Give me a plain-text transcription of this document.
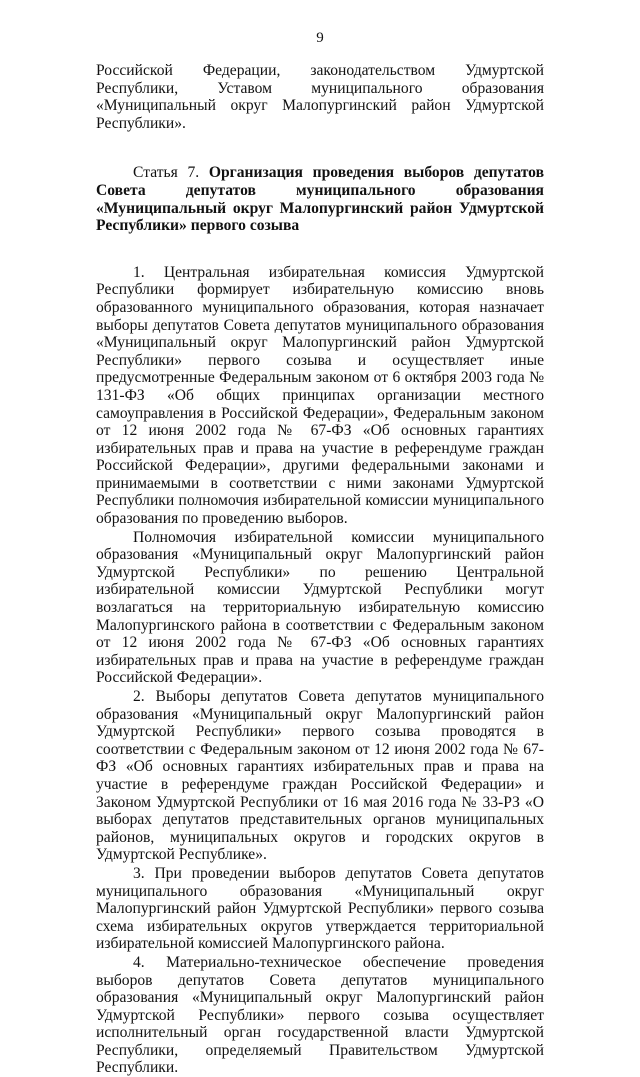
9

Российской Федерации, законодательством Удмуртской Республики, Уставом муниципального образования «Муниципальный округ Малопургинский район Удмуртской Республики».

Статья 7. Организация проведения выборов депутатов Совета депутатов муниципального образования «Муниципальный округ Малопургинский район Удмуртской Республики» первого созыва

1. Центральная избирательная комиссия Удмуртской Республики формирует избирательную комиссию вновь образованного муниципального образования, которая назначает выборы депутатов Совета депутатов муниципального образования «Муниципальный округ Малопургинский район Удмуртской Республики» первого созыва и осуществляет иные предусмотренные Федеральным законом от 6 октября 2003 года № 131-ФЗ «Об общих принципах организации местного самоуправления в Российской Федерации», Федеральным законом от 12 июня 2002 года № 67-ФЗ «Об основных гарантиях избирательных прав и права на участие в референдуме граждан Российской Федерации», другими федеральными законами и принимаемыми в соответствии с ними законами Удмуртской Республики полномочия избирательной комиссии муниципального образования по проведению выборов.

Полномочия избирательной комиссии муниципального образования «Муниципальный округ Малопургинский район Удмуртской Республики» по решению Центральной избирательной комиссии Удмуртской Республики могут возлагаться на территориальную избирательную комиссию Малопургинского района в соответствии с Федеральным законом от 12 июня 2002 года № 67-ФЗ «Об основных гарантиях избирательных прав и права на участие в референдуме граждан Российской Федерации».

2. Выборы депутатов Совета депутатов муниципального образования «Муниципальный округ Малопургинский район Удмуртской Республики» первого созыва проводятся в соответствии с Федеральным законом от 12 июня 2002 года № 67-ФЗ «Об основных гарантиях избирательных прав и права на участие в референдуме граждан Российской Федерации» и Законом Удмуртской Республики от 16 мая 2016 года № 33-РЗ «О выборах депутатов представительных органов муниципальных районов, муниципальных округов и городских округов в Удмуртской Республике».

3. При проведении выборов депутатов Совета депутатов муниципального образования «Муниципальный округ Малопургинский район Удмуртской Республики» первого созыва схема избирательных округов утверждается территориальной избирательной комиссией Малопургинского района.

4. Материально-техническое обеспечение проведения выборов депутатов Совета депутатов муниципального образования «Муниципальный округ Малопургинский район Удмуртской Республики» первого созыва осуществляет исполнительный орган государственной власти Удмуртской Республики, определяемый Правительством Удмуртской Республики.
